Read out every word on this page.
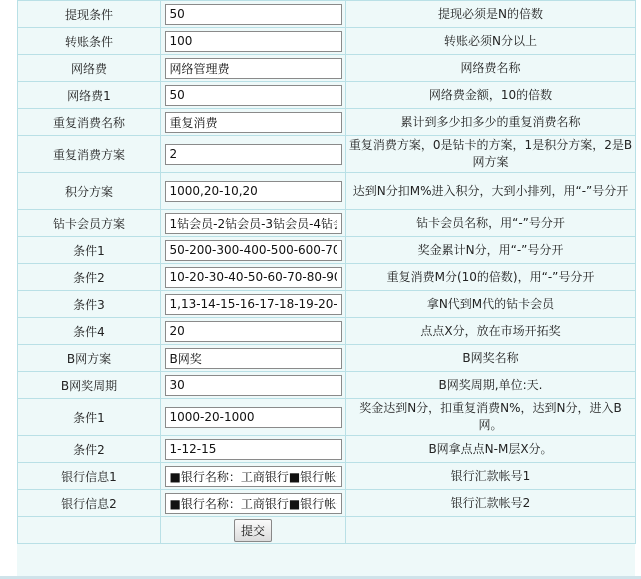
提现条件	50	提现必须是N的倍数
转账条件	100	转账必须N分以上
网络费	网络管理费	网络费名称
网络费1	50	网络费金额，10的倍数
重复消费名称	重复消费	累计到多少扣多少的重复消费名称
重复消费方案	2	重复消费方案，0是钻卡的方案，1是积分方案，2是B网方案
积分方案	1000,20-10,20	达到N分扣M%进入积分，大到小排列，用“-”号分开
钻卡会员方案	1钻会员-2钻会员-3钻会员-4钻会员	钻卡会员名称，用“-”号分开
条件1	50-200-300-400-500-600-700	奖金累计N分，用“-”号分开
条件2	10-20-30-40-50-60-70-80-90	重复消费M分(10的倍数)，用“-”号分开
条件3	1,13-14-15-16-17-18-19-20-21	拿N代到M代的钻卡会员
条件4	20	点点X分，放在市场开拓奖
B网方案	B网奖	B网奖名称
B网奖周期	30	B网奖周期,单位:天.
条件1	1000-20-1000	奖金达到N分，扣重复消费N%，达到N分，进入B网。
条件2	1-12-15	B网拿点点N-M层X分。
银行信息1	■银行名称：工商银行■银行帐号	银行汇款帐号1
银行信息2	■银行名称：工商银行■银行帐号	银行汇款帐号2
	提交	
